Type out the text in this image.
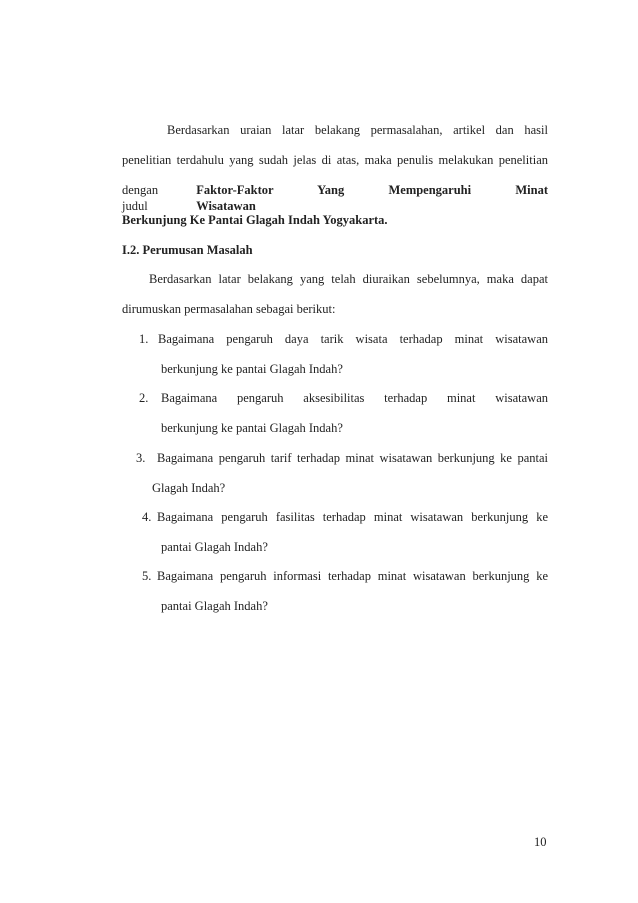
Berdasarkan uraian latar belakang permasalahan, artikel dan hasil
penelitian terdahulu yang sudah jelas di atas, maka penulis melakukan penelitian
dengan judul
Faktor-Faktor Yang Mempengaruhi Minat Wisatawan
Berkunjung Ke Pantai Glagah Indah Yogyakarta.
I.2. Perumusan Masalah
Berdasarkan latar belakang yang telah diuraikan sebelumnya, maka dapat
dirumuskan permasalahan sebagai berikut:
1. Bagaimana pengaruh daya tarik wisata terhadap minat wisatawan
berkunjung ke pantai Glagah Indah?
2. Bagaimana pengaruh aksesibilitas terhadap minat wisatawan
berkunjung ke pantai Glagah Indah?
3. Bagaimana pengaruh tarif terhadap minat wisatawan berkunjung ke pantai
Glagah Indah?
4. Bagaimana pengaruh fasilitas terhadap minat wisatawan berkunjung ke
pantai Glagah Indah?
5. Bagaimana pengaruh informasi terhadap minat wisatawan berkunjung ke
pantai Glagah Indah?
10
